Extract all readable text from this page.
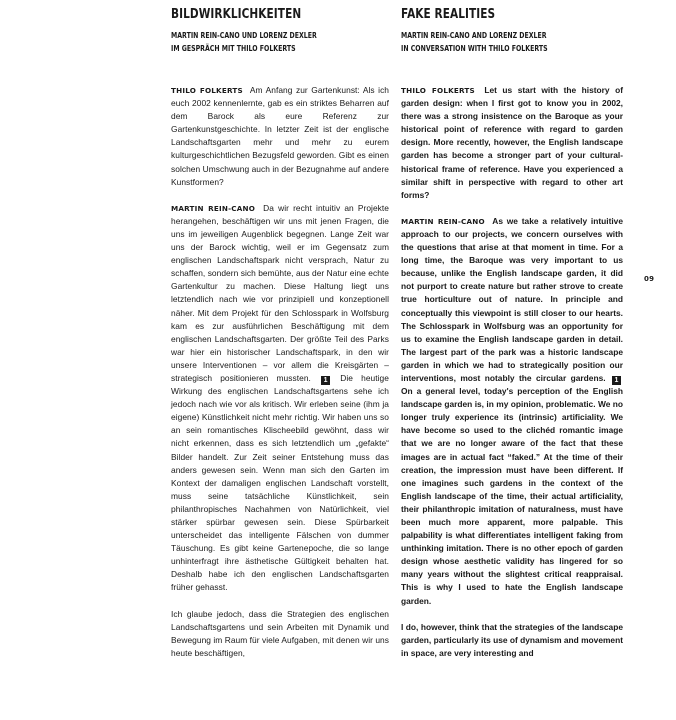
BILDWIRKLICHKEITEN
MARTIN REIN-CANO UND LORENZ DEXLER
IM GESPRÄCH MIT THILO FOLKERTS

THILO FOLKERTS Am Anfang zur Gartenkunst: Als ich euch 2002 kennenlernte, gab es ein striktes Beharren auf dem Barock als eure Referenz zur Gartenkunstgeschichte. In letzter Zeit ist der englische Landschaftsgarten mehr und mehr zu eurem kulturgeschichtlichen Bezugsfeld geworden. Gibt es einen solchen Umschwung auch in der Bezugnahme auf andere Kunstformen?

MARTIN REIN-CANO Da wir recht intuitiv an Projekte herangehen, beschäftigen wir uns mit jenen Fragen, die uns im jeweiligen Augenblick begegnen. Lange Zeit war uns der Barock wichtig, weil er im Gegensatz zum englischen Landschaftspark nicht versprach, Natur zu schaffen, sondern sich bemühte, aus der Natur eine echte Gartenkultur zu machen. Diese Haltung liegt uns letztendlich nach wie vor prinzipiell und konzeptionell näher. Mit dem Projekt für den Schlosspark in Wolfsburg kam es zur ausführlichen Beschäftigung mit dem englischen Landschaftsgarten. Der größte Teil des Parks war hier ein historischer Landschaftspark, in den wir unsere Interventionen – vor allem die Kreisgärten – strategisch positionieren mussten. 1 Die heutige Wirkung des englischen Landschaftsgartens sehe ich jedoch nach wie vor als kritisch. Wir erleben seine (ihm ja eigene) Künstlichkeit nicht mehr richtig. Wir haben uns so an sein romantisches Klischeebild gewöhnt, dass wir nicht erkennen, dass es sich letztendlich um „gefakte“ Bilder handelt. Zur Zeit seiner Entstehung muss das anders gewesen sein. Wenn man sich den Garten im Kontext der damaligen englischen Landschaft vorstellt, muss seine tatsächliche Künstlichkeit, sein philanthropisches Nachahmen von Natürlichkeit, viel stärker spürbar gewesen sein. Diese Spürbarkeit unterscheidet das intelligente Fälschen von dummer Täuschung. Es gibt keine Gartenepoche, die so lange unhinterfragt ihre ästhetische Gültigkeit behalten hat. Deshalb habe ich den englischen Landschaftsgarten früher gehasst.

Ich glaube jedoch, dass die Strategien des englischen Landschaftsgartens und sein Arbeiten mit Dynamik und Bewegung im Raum für viele Aufgaben, mit denen wir uns heute beschäftigen,

FAKE REALITIES
MARTIN REIN-CANO AND LORENZ DEXLER
IN CONVERSATION WITH THILO FOLKERTS

THILO FOLKERTS Let us start with the history of garden design: when I first got to know you in 2002, there was a strong insistence on the Baroque as your historical point of reference with regard to garden design. More recently, however, the English landscape garden has become a stronger part of your cultural-historical frame of reference. Have you experienced a similar shift in perspective with regard to other art forms?

MARTIN REIN-CANO As we take a relatively intuitive approach to our projects, we concern ourselves with the questions that arise at that moment in time. For a long time, the Baroque was very important to us because, unlike the English landscape garden, it did not purport to create nature but rather strove to create true horticulture out of nature. In principle and conceptually this viewpoint is still closer to our hearts. The Schlosspark in Wolfsburg was an opportunity for us to examine the English landscape garden in detail. The largest part of the park was a historic landscape garden in which we had to strategically position our interventions, most notably the circular gardens. 1 On a general level, today's perception of the English landscape garden is, in my opinion, problematic. We no longer truly experience its (intrinsic) artificiality. We have become so used to the clichéd romantic image that we are no longer aware of the fact that these images are in actual fact “faked.” At the time of their creation, the impression must have been different. If one imagines such gardens in the context of the English landscape of the time, their actual artificiality, their philanthropic imitation of naturalness, must have been much more apparent, more palpable. This palpability is what differentiates intelligent faking from unthinking imitation. There is no other epoch of garden design whose aesthetic validity has lingered for so many years without the slightest critical reappraisal. This is why I used to hate the English landscape garden.

I do, however, think that the strategies of the landscape garden, particularly its use of dynamism and movement in space, are very interesting and

09
